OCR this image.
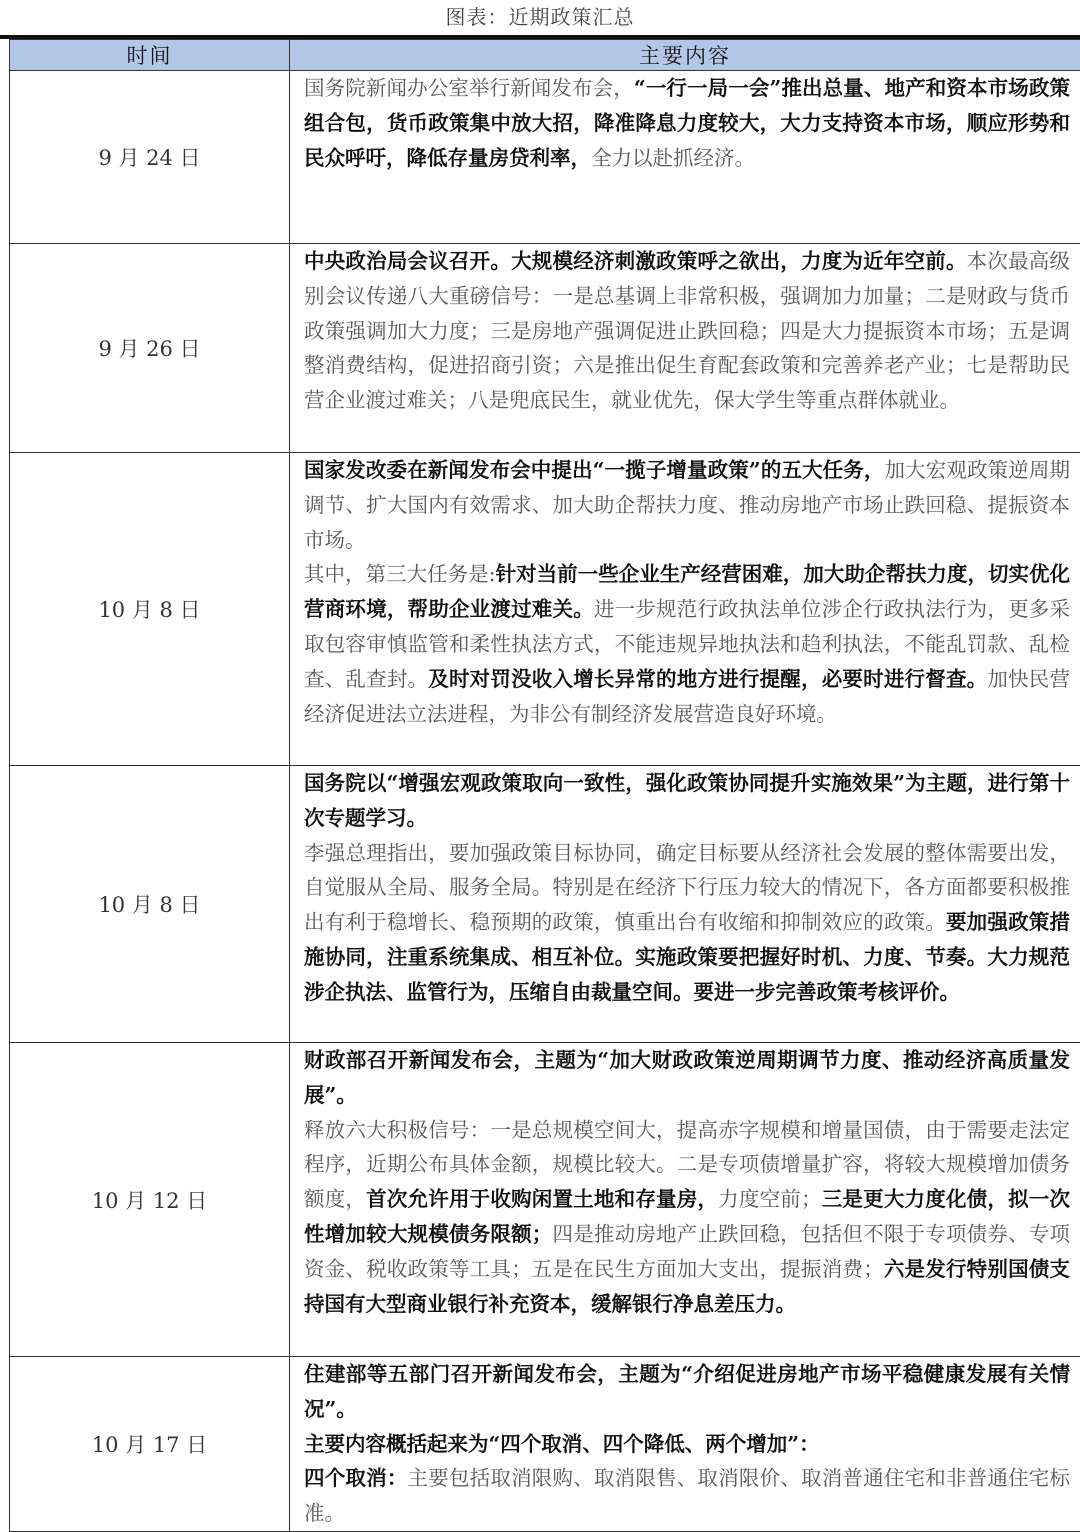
图表：近期政策汇总
时间	主要内容
9 月 24 日	国务院新闻办公室举行新闻发布会，“一行一局一会”推出总量、地产和资本市场政策组合包，货币政策集中放大招，降准降息力度较大，大力支持资本市场，顺应形势和民众呼吁，降低存量房贷利率，全力以赴抓经济。

9 月 26 日	中央政治局会议召开。大规模经济刺激政策呼之欲出，力度为近年空前。本次最高级别会议传递八大重磅信号：一是总基调上非常积极，强调加力加量；二是财政与货币政策强调加大力度；三是房地产强调促进止跌回稳；四是大力提振资本市场；五是调整消费结构，促进招商引资；六是推出促生育配套政策和完善养老产业；七是帮助民营企业渡过难关；八是兜底民生，就业优先，保大学生等重点群体就业。

10 月 8 日	国家发改委在新闻发布会中提出“一揽子增量政策”的五大任务，加大宏观政策逆周期调节、扩大国内有效需求、加大助企帮扶力度、推动房地产市场止跌回稳、提振资本市场。

其中，第三大任务是:针对当前一些企业生产经营困难，加大助企帮扶力度，切实优化营商环境，帮助企业渡过难关。进一步规范行政执法单位涉企行政执法行为，更多采取包容审慎监管和柔性执法方式，不能违规异地执法和趋利执法，不能乱罚款、乱检查、乱查封。及时对罚没收入增长异常的地方进行提醒，必要时进行督查。加快民营经济促进法立法进程，为非公有制经济发展营造良好环境。

10 月 8 日	国务院以“增强宏观政策取向一致性，强化政策协同提升实施效果”为主题，进行第十次专题学习。

李强总理指出，要加强政策目标协同，确定目标要从经济社会发展的整体需要出发，自觉服从全局、服务全局。特别是在经济下行压力较大的情况下，各方面都要积极推出有利于稳增长、稳预期的政策，慎重出台有收缩和抑制效应的政策。要加强政策措施协同，注重系统集成、相互补位。实施政策要把握好时机、力度、节奏。大力规范涉企执法、监管行为，压缩自由裁量空间。要进一步完善政策考核评价。

10 月 12 日	财政部召开新闻发布会，主题为“加大财政政策逆周期调节力度、推动经济高质量发展”。

释放六大积极信号：一是总规模空间大，提高赤字规模和增量国债，由于需要走法定程序，近期公布具体金额，规模比较大。二是专项债增量扩容，将较大规模增加债务额度，首次允许用于收购闲置土地和存量房，力度空前；三是更大力度化债，拟一次性增加较大规模债务限额；四是推动房地产止跌回稳，包括但不限于专项债券、专项资金、税收政策等工具；五是在民生方面加大支出，提振消费；六是发行特别国债支持国有大型商业银行补充资本，缓解银行净息差压力。

10 月 17 日	住建部等五部门召开新闻发布会，主题为“介绍促进房地产市场平稳健康发展有关情况”。

主要内容概括起来为“四个取消、四个降低、两个增加”：

四个取消：主要包括取消限购、取消限售、取消限价、取消普通住宅和非普通住宅标准。
